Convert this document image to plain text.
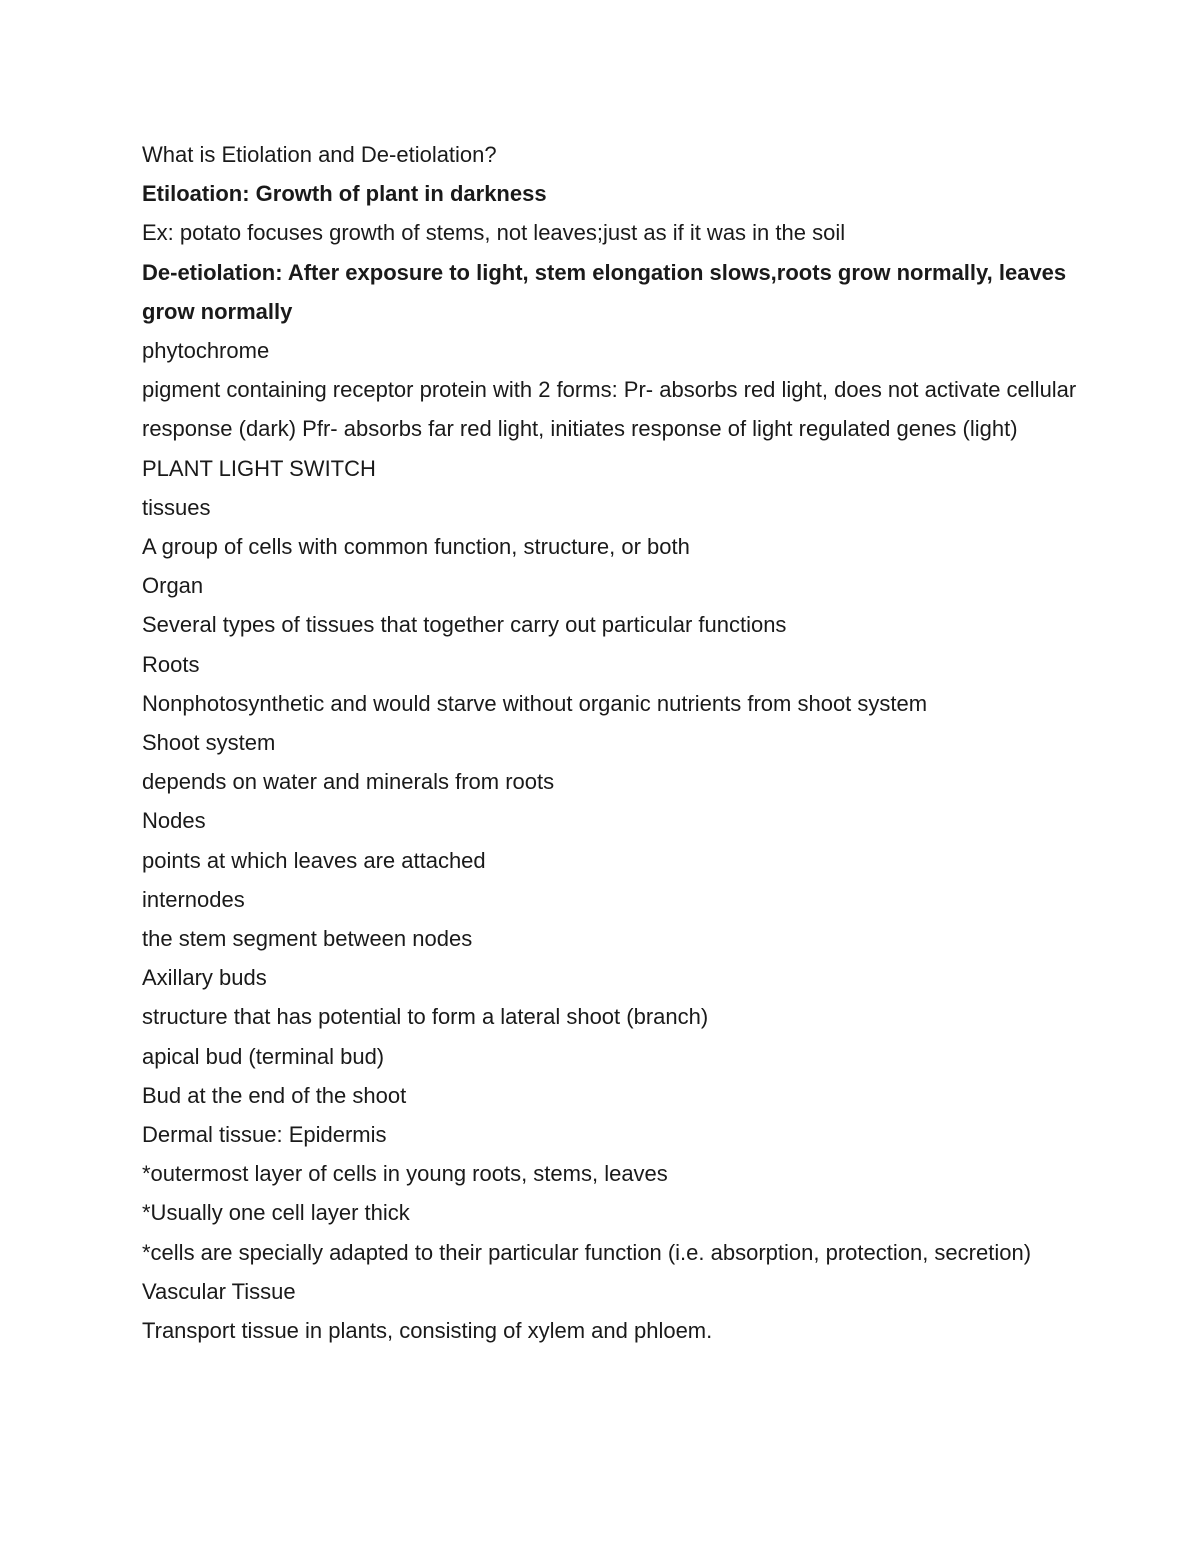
What is Etiolation and De-etiolation?

Etiloation: Growth of plant in darkness

Ex: potato focuses growth of stems, not leaves;just as if it was in the soil

De-etiolation: After exposure to light, stem elongation slows,roots grow normally, leaves grow normally

phytochrome

pigment containing receptor protein with 2 forms: Pr- absorbs red light, does not activate cellular response (dark) Pfr- absorbs far red light, initiates response of light regulated genes (light) PLANT LIGHT SWITCH

tissues

A group of cells with common function, structure, or both

Organ

Several types of tissues that together carry out particular functions

Roots

Nonphotosynthetic and would starve without organic nutrients from shoot system

Shoot system

depends on water and minerals from roots

Nodes

points at which leaves are attached

internodes

the stem segment between nodes

Axillary buds

structure that has potential to form a lateral shoot (branch)

apical bud (terminal bud)

Bud at the end of the shoot

Dermal tissue: Epidermis

*outermost layer of cells in young roots, stems, leaves

*Usually one cell layer thick

*cells are specially adapted to their particular function (i.e. absorption, protection, secretion)

Vascular Tissue

Transport tissue in plants, consisting of xylem and phloem.
